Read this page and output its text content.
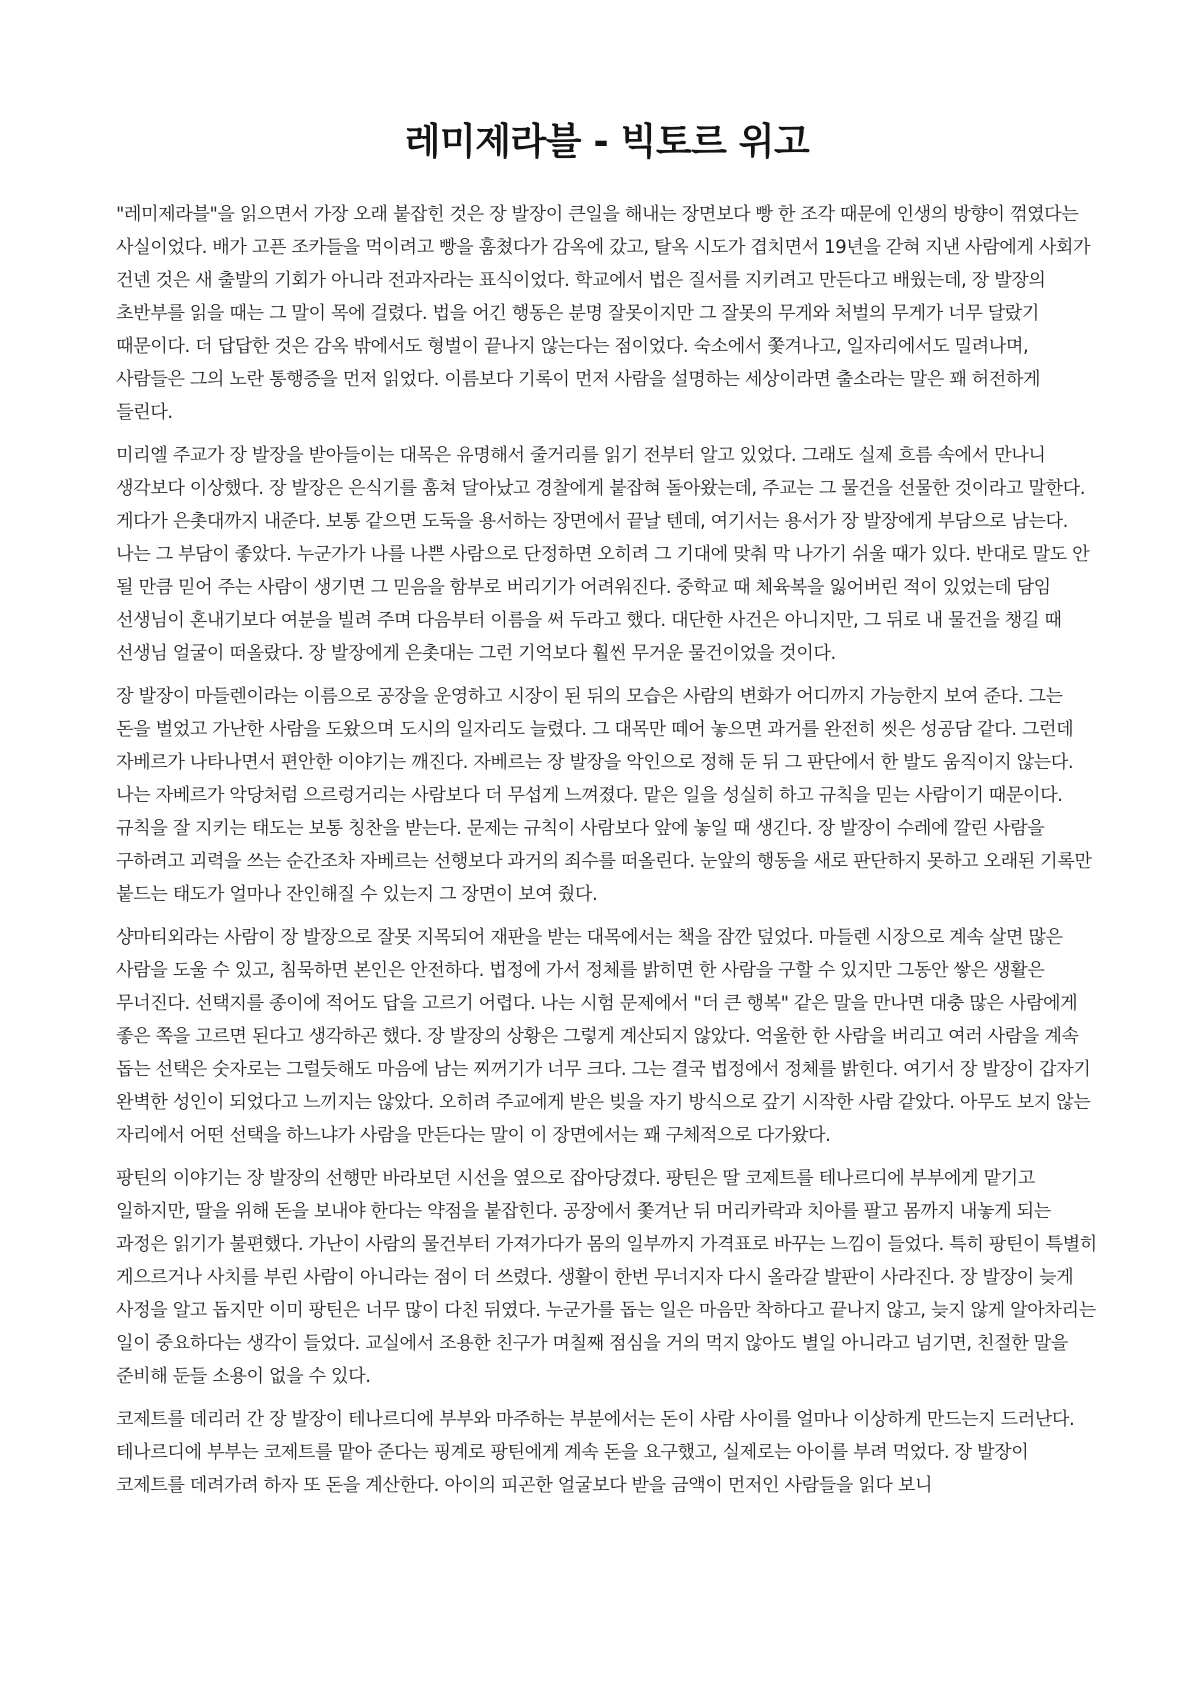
레미제라블 - 빅토르 위고

"레미제라블"을 읽으면서 가장 오래 붙잡힌 것은 장 발장이 큰일을 해내는 장면보다 빵 한 조각 때문에 인생의 방향이 꺾였다는 사실이었다. 배가 고픈 조카들을 먹이려고 빵을 훔쳤다가 감옥에 갔고, 탈옥 시도가 겹치면서 19년을 갇혀 지낸 사람에게 사회가 건넨 것은 새 출발의 기회가 아니라 전과자라는 표식이었다. 학교에서 법은 질서를 지키려고 만든다고 배웠는데, 장 발장의 초반부를 읽을 때는 그 말이 목에 걸렸다. 법을 어긴 행동은 분명 잘못이지만 그 잘못의 무게와 처벌의 무게가 너무 달랐기 때문이다. 더 답답한 것은 감옥 밖에서도 형벌이 끝나지 않는다는 점이었다. 숙소에서 쫓겨나고, 일자리에서도 밀려나며, 사람들은 그의 노란 통행증을 먼저 읽었다. 이름보다 기록이 먼저 사람을 설명하는 세상이라면 출소라는 말은 꽤 허전하게 들린다.

미리엘 주교가 장 발장을 받아들이는 대목은 유명해서 줄거리를 읽기 전부터 알고 있었다. 그래도 실제 흐름 속에서 만나니 생각보다 이상했다. 장 발장은 은식기를 훔쳐 달아났고 경찰에게 붙잡혀 돌아왔는데, 주교는 그 물건을 선물한 것이라고 말한다. 게다가 은촛대까지 내준다. 보통 같으면 도둑을 용서하는 장면에서 끝날 텐데, 여기서는 용서가 장 발장에게 부담으로 남는다. 나는 그 부담이 좋았다. 누군가가 나를 나쁜 사람으로 단정하면 오히려 그 기대에 맞춰 막 나가기 쉬울 때가 있다. 반대로 말도 안 될 만큼 믿어 주는 사람이 생기면 그 믿음을 함부로 버리기가 어려워진다. 중학교 때 체육복을 잃어버린 적이 있었는데 담임 선생님이 혼내기보다 여분을 빌려 주며 다음부터 이름을 써 두라고 했다. 대단한 사건은 아니지만, 그 뒤로 내 물건을 챙길 때 선생님 얼굴이 떠올랐다. 장 발장에게 은촛대는 그런 기억보다 훨씬 무거운 물건이었을 것이다.

장 발장이 마들렌이라는 이름으로 공장을 운영하고 시장이 된 뒤의 모습은 사람의 변화가 어디까지 가능한지 보여 준다. 그는 돈을 벌었고 가난한 사람을 도왔으며 도시의 일자리도 늘렸다. 그 대목만 떼어 놓으면 과거를 완전히 씻은 성공담 같다. 그런데 자베르가 나타나면서 편안한 이야기는 깨진다. 자베르는 장 발장을 악인으로 정해 둔 뒤 그 판단에서 한 발도 움직이지 않는다. 나는 자베르가 악당처럼 으르렁거리는 사람보다 더 무섭게 느껴졌다. 맡은 일을 성실히 하고 규칙을 믿는 사람이기 때문이다. 규칙을 잘 지키는 태도는 보통 칭찬을 받는다. 문제는 규칙이 사람보다 앞에 놓일 때 생긴다. 장 발장이 수레에 깔린 사람을 구하려고 괴력을 쓰는 순간조차 자베르는 선행보다 과거의 죄수를 떠올린다. 눈앞의 행동을 새로 판단하지 못하고 오래된 기록만 붙드는 태도가 얼마나 잔인해질 수 있는지 그 장면이 보여 줬다.

샹마티외라는 사람이 장 발장으로 잘못 지목되어 재판을 받는 대목에서는 책을 잠깐 덮었다. 마들렌 시장으로 계속 살면 많은 사람을 도울 수 있고, 침묵하면 본인은 안전하다. 법정에 가서 정체를 밝히면 한 사람을 구할 수 있지만 그동안 쌓은 생활은 무너진다. 선택지를 종이에 적어도 답을 고르기 어렵다. 나는 시험 문제에서 "더 큰 행복" 같은 말을 만나면 대충 많은 사람에게 좋은 쪽을 고르면 된다고 생각하곤 했다. 장 발장의 상황은 그렇게 계산되지 않았다. 억울한 한 사람을 버리고 여러 사람을 계속 돕는 선택은 숫자로는 그럴듯해도 마음에 남는 찌꺼기가 너무 크다. 그는 결국 법정에서 정체를 밝힌다. 여기서 장 발장이 갑자기 완벽한 성인이 되었다고 느끼지는 않았다. 오히려 주교에게 받은 빚을 자기 방식으로 갚기 시작한 사람 같았다. 아무도 보지 않는 자리에서 어떤 선택을 하느냐가 사람을 만든다는 말이 이 장면에서는 꽤 구체적으로 다가왔다.

팡틴의 이야기는 장 발장의 선행만 바라보던 시선을 옆으로 잡아당겼다. 팡틴은 딸 코제트를 테나르디에 부부에게 맡기고 일하지만, 딸을 위해 돈을 보내야 한다는 약점을 붙잡힌다. 공장에서 쫓겨난 뒤 머리카락과 치아를 팔고 몸까지 내놓게 되는 과정은 읽기가 불편했다. 가난이 사람의 물건부터 가져가다가 몸의 일부까지 가격표로 바꾸는 느낌이 들었다. 특히 팡틴이 특별히 게으르거나 사치를 부린 사람이 아니라는 점이 더 쓰렸다. 생활이 한번 무너지자 다시 올라갈 발판이 사라진다. 장 발장이 늦게 사정을 알고 돕지만 이미 팡틴은 너무 많이 다친 뒤였다. 누군가를 돕는 일은 마음만 착하다고 끝나지 않고, 늦지 않게 알아차리는 일이 중요하다는 생각이 들었다. 교실에서 조용한 친구가 며칠째 점심을 거의 먹지 않아도 별일 아니라고 넘기면, 친절한 말을 준비해 둔들 소용이 없을 수 있다.

코제트를 데리러 간 장 발장이 테나르디에 부부와 마주하는 부분에서는 돈이 사람 사이를 얼마나 이상하게 만드는지 드러난다. 테나르디에 부부는 코제트를 맡아 준다는 핑계로 팡틴에게 계속 돈을 요구했고, 실제로는 아이를 부려 먹었다. 장 발장이 코제트를 데려가려 하자 또 돈을 계산한다. 아이의 피곤한 얼굴보다 받을 금액이 먼저인 사람들을 읽다 보니
